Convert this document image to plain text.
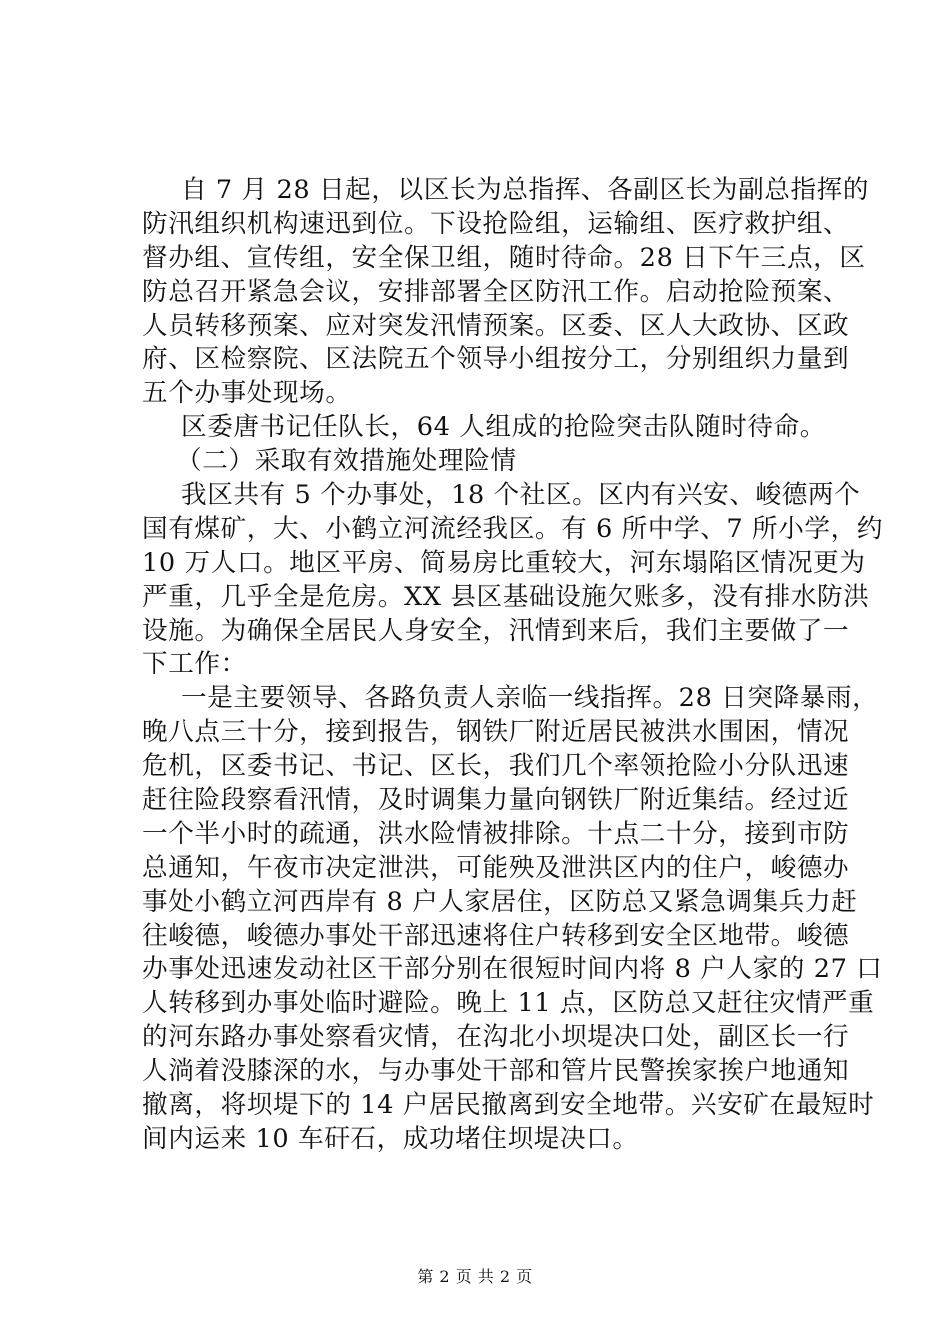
自 7 月 28 日起，以区长为总指挥、各副区长为副总指挥的
防汛组织机构速迅到位。下设抢险组，运输组、医疗救护组、
督办组、宣传组，安全保卫组，随时待命。28 日下午三点，区
防总召开紧急会议，安排部署全区防汛工作。启动抢险预案、
人员转移预案、应对突发汛情预案。区委、区人大政协、区政
府、区检察院、区法院五个领导小组按分工，分别组织力量到
五个办事处现场。
区委唐书记任队长，64 人组成的抢险突击队随时待命。
（二）采取有效措施处理险情
我区共有 5 个办事处，18 个社区。区内有兴安、峻德两个
国有煤矿，大、小鹤立河流经我区。有 6 所中学、7 所小学，约
10 万人口。地区平房、简易房比重较大，河东塌陷区情况更为
严重，几乎全是危房。XX 县区基础设施欠账多，没有排水防洪
设施。为确保全居民人身安全，汛情到来后，我们主要做了一
下工作：
一是主要领导、各路负责人亲临一线指挥。28 日突降暴雨，
晚八点三十分，接到报告，钢铁厂附近居民被洪水围困，情况
危机，区委书记、书记、区长，我们几个率领抢险小分队迅速
赶往险段察看汛情，及时调集力量向钢铁厂附近集结。经过近
一个半小时的疏通，洪水险情被排除。十点二十分，接到市防
总通知，午夜市决定泄洪，可能殃及泄洪区内的住户，峻德办
事处小鹤立河西岸有 8 户人家居住，区防总又紧急调集兵力赶
往峻德，峻德办事处干部迅速将住户转移到安全区地带。峻德
办事处迅速发动社区干部分别在很短时间内将 8 户人家的 27 口
人转移到办事处临时避险。晚上 11 点，区防总又赶往灾情严重
的河东路办事处察看灾情，在沟北小坝堤决口处，副区长一行
人淌着没膝深的水，与办事处干部和管片民警挨家挨户地通知
撤离，将坝堤下的 14 户居民撤离到安全地带。兴安矿在最短时
间内运来 10 车矸石，成功堵住坝堤决口。
第 2 页 共 2 页
